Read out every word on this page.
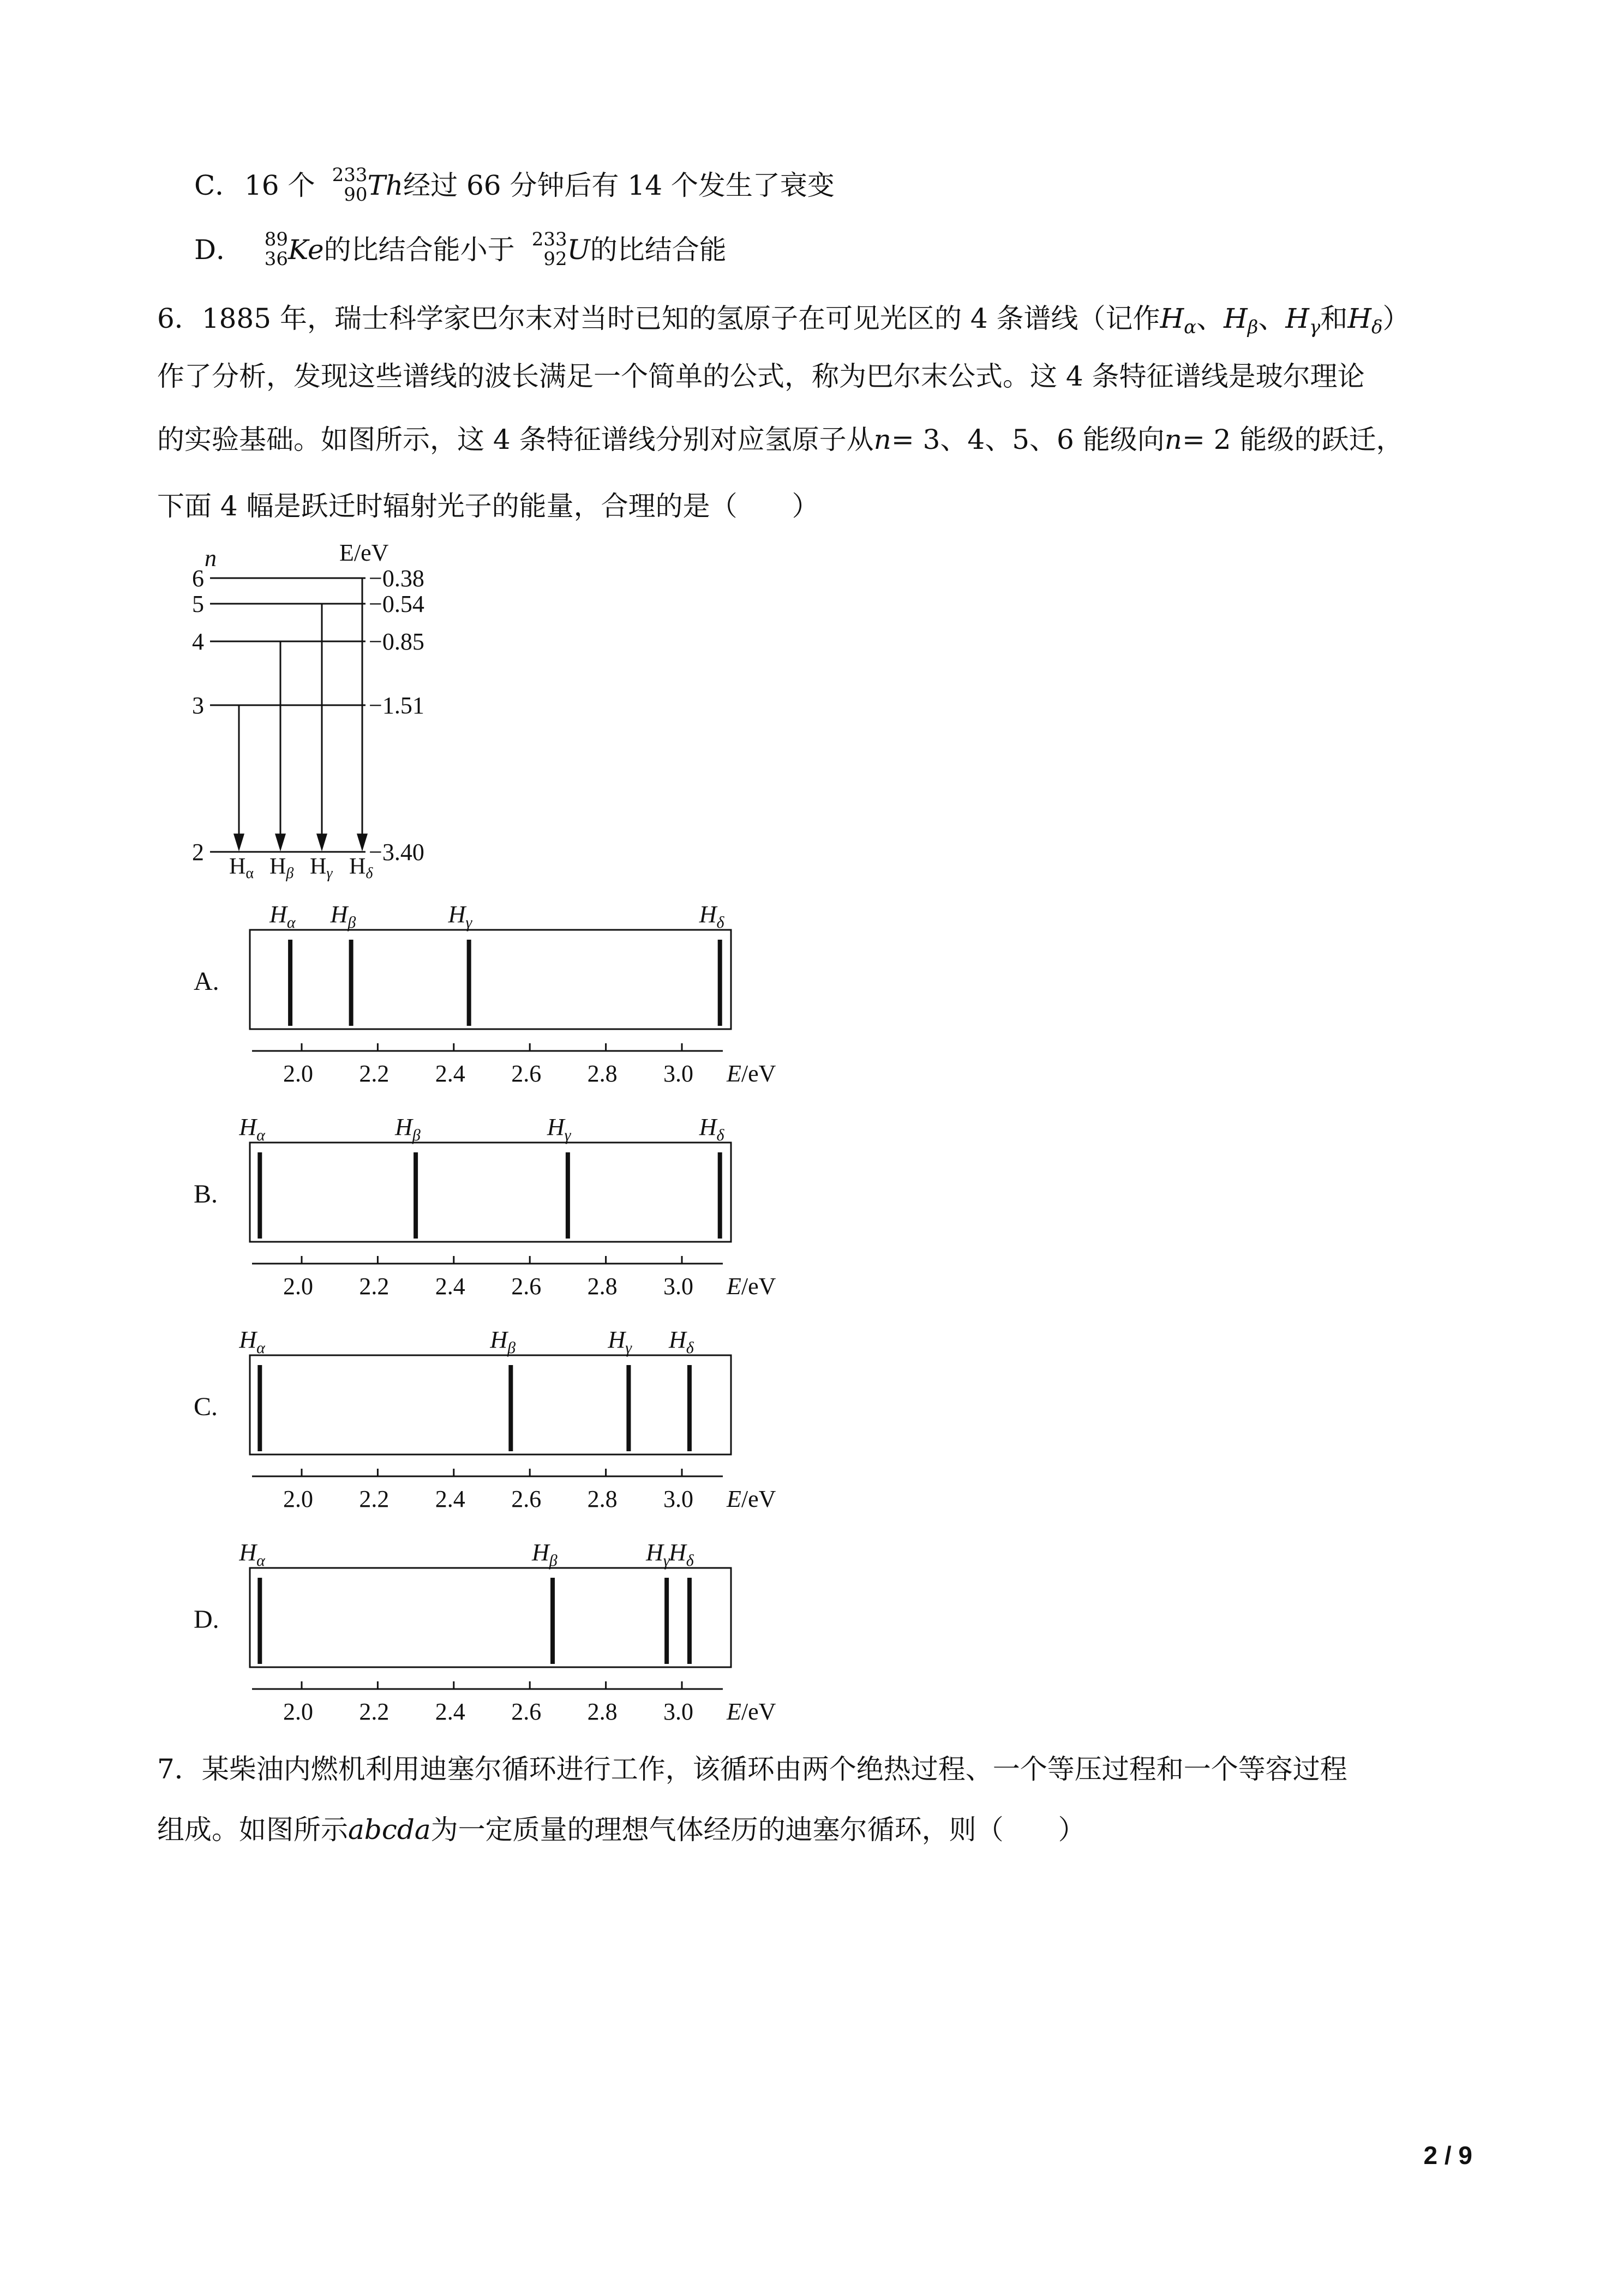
C．16 个 233
90 Th经过 66 分钟后有 14 个发生了衰变
D． 89
36 Ke的比结合能小于 233
92 U的比结合能
6．1885 年，瑞士科学家巴尔末对当时已知的氢原子在可见光区的 4 条谱线（记作$H_\alpha$、$H_\beta$、$H_\gamma$和$H_\delta$）
作了分析，发现这些谱线的波长满足一个简单的公式，称为巴尔末公式。这 4 条特征谱线是玻尔理论
的实验基础。如图所示，这 4 条特征谱线分别对应氢原子从n= 3、4、5、6 能级向n= 2 能级的跃迁，
下面 4 幅是跃迁时辐射光子的能量，合理的是（　　）
n	E/eV
6
5
4
3
2
−0.38
−0.54
−0.85
−1.51
−3.40
Hα Hβ Hγ Hδ
A.
$H_\alpha$ $H_\beta$	$H_\gamma$	$H_\delta$
2.0 2.2 2.4 2.6 2.8 3.0 E/eV
B.
$H_\alpha$	$H_\beta$	$H_\gamma$	$H_\delta$
2.0 2.2 2.4 2.6 2.8 3.0 E/eV
C.
$H_\alpha$	$H_\beta$	$H_\gamma$ $H_\delta$
2.0 2.2 2.4 2.6 2.8 3.0 E/eV
D.
$H_\alpha$	$H_\beta$	$H_\gamma$
$H_\delta$
2.0 2.2 2.4 2.6 2.8 3.0 E/eV
7．某柴油内燃机利用迪塞尔循环进行工作，该循环由两个绝热过程、一个等压过程和一个等容过程
组成。如图所示abcda为一定质量的理想气体经历的迪塞尔循环，则（　　）
2 / 9
